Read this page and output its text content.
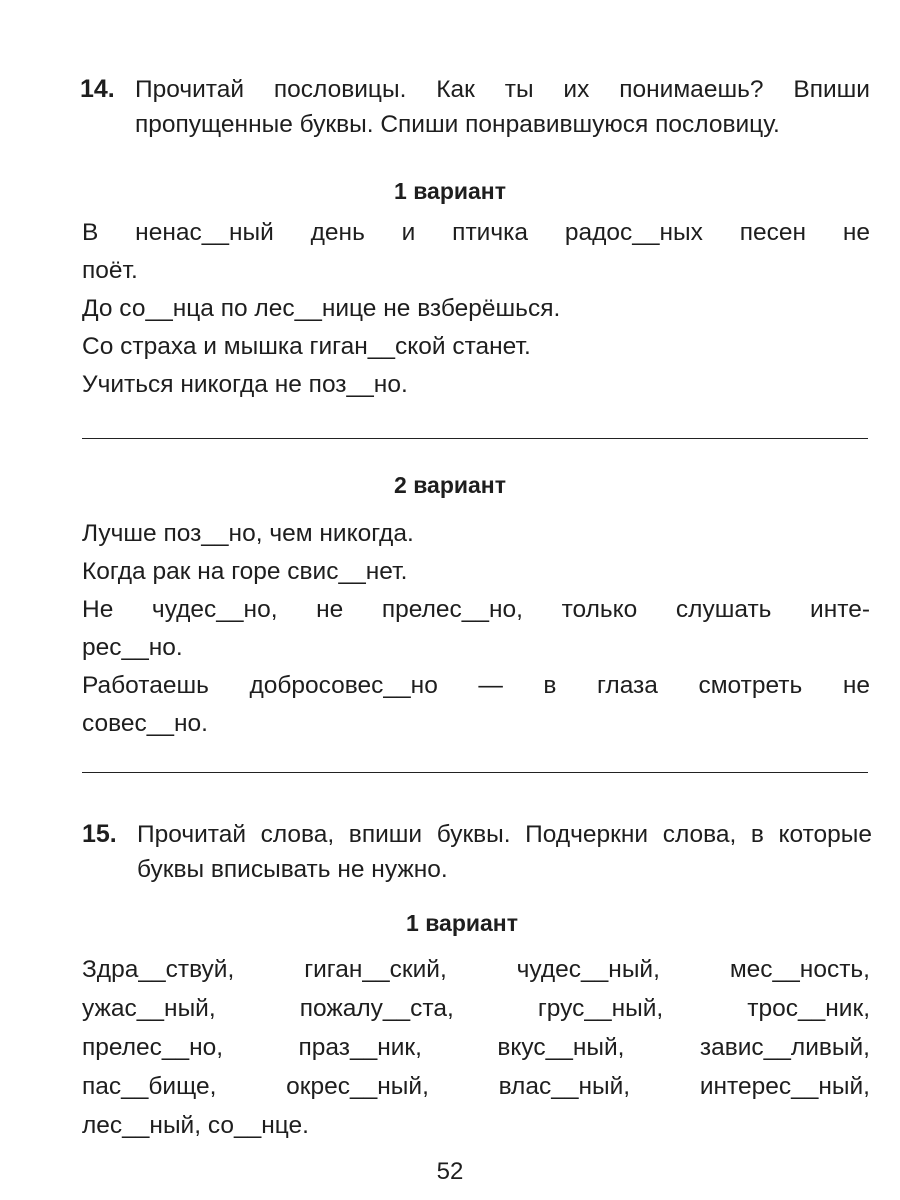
14. Прочитай пословицы. Как ты их понимаешь? Впиши пропущенные буквы. Спиши понравившуюся пословицу.
1 вариант
В ненас__ный день и птичка радос__ных песен не
поёт.
До со__нца по лес__нице не взберёшься.
Со страха и мышка гиган__ской станет.
Учиться никогда не поз__но.
2 вариант
Лучше поз__но, чем никогда.
Когда рак на горе свис__нет.
Не чудес__но, не прелес__но, только слушать инте-
рес__но.
Работаешь добросовес__но — в глаза смотреть не
совес__но.
15. Прочитай слова, впиши буквы. Подчеркни слова, в которые буквы вписывать не нужно.
1 вариант
Здра__ствуй, гиган__ский, чудес__ный, мес__ность,
ужас__ный, пожалу__ста, грус__ный, трос__ник,
прелес__но, праз__ник, вкус__ный, завис__ливый,
пас__бище, окрес__ный, влас__ный, интерес__ный,
лес__ный, со__нце.
52
